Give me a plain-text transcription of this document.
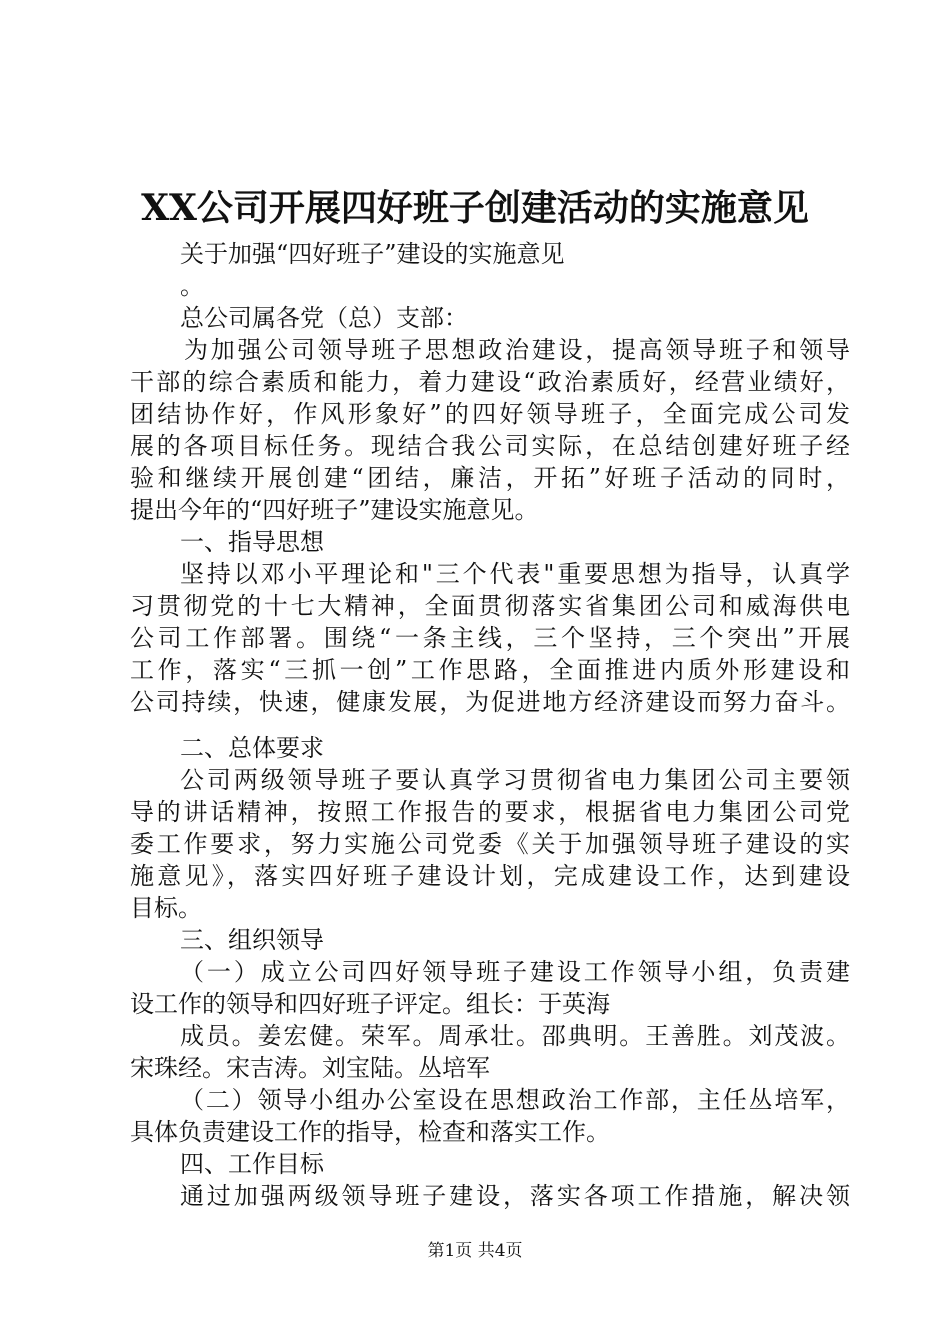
XX公司开展四好班子创建活动的实施意见
关于加强“四好班子”建设的实施意见
。
总公司属各党（总）支部：
为加强公司领导班子思想政治建设，提高领导班子和领导
干部的综合素质和能力，着力建设“政治素质好，经营业绩好，
团结协作好，作风形象好”的四好领导班子，全面完成公司发
展的各项目标任务。现结合我公司实际，在总结创建好班子经
验和继续开展创建“团结，廉洁，开拓”好班子活动的同时，
提出今年的“四好班子”建设实施意见。
一、指导思想
坚持以邓小平理论和"三个代表"重要思想为指导，认真学
习贯彻党的十七大精神，全面贯彻落实省集团公司和威海供电
公司工作部署。围绕“一条主线，三个坚持，三个突出”开展
工作，落实“三抓一创”工作思路，全面推进内质外形建设和
公司持续，快速，健康发展，为促进地方经济建设而努力奋斗。
二、总体要求
公司两级领导班子要认真学习贯彻省电力集团公司主要领
导的讲话精神，按照工作报告的要求，根据省电力集团公司党
委工作要求，努力实施公司党委《关于加强领导班子建设的实
施意见》，落实四好班子建设计划，完成建设工作，达到建设
目标。
三、组织领导
（一）成立公司四好领导班子建设工作领导小组，负责建
设工作的领导和四好班子评定。组长：于英海
成员。姜宏健。荣军。周承壮。邵典明。王善胜。刘茂波。
宋珠经。宋吉涛。刘宝陆。丛培军
（二）领导小组办公室设在思想政治工作部，主任丛培军，
具体负责建设工作的指导，检查和落实工作。
四、工作目标
通过加强两级领导班子建设，落实各项工作措施，解决领
第1页 共4页
